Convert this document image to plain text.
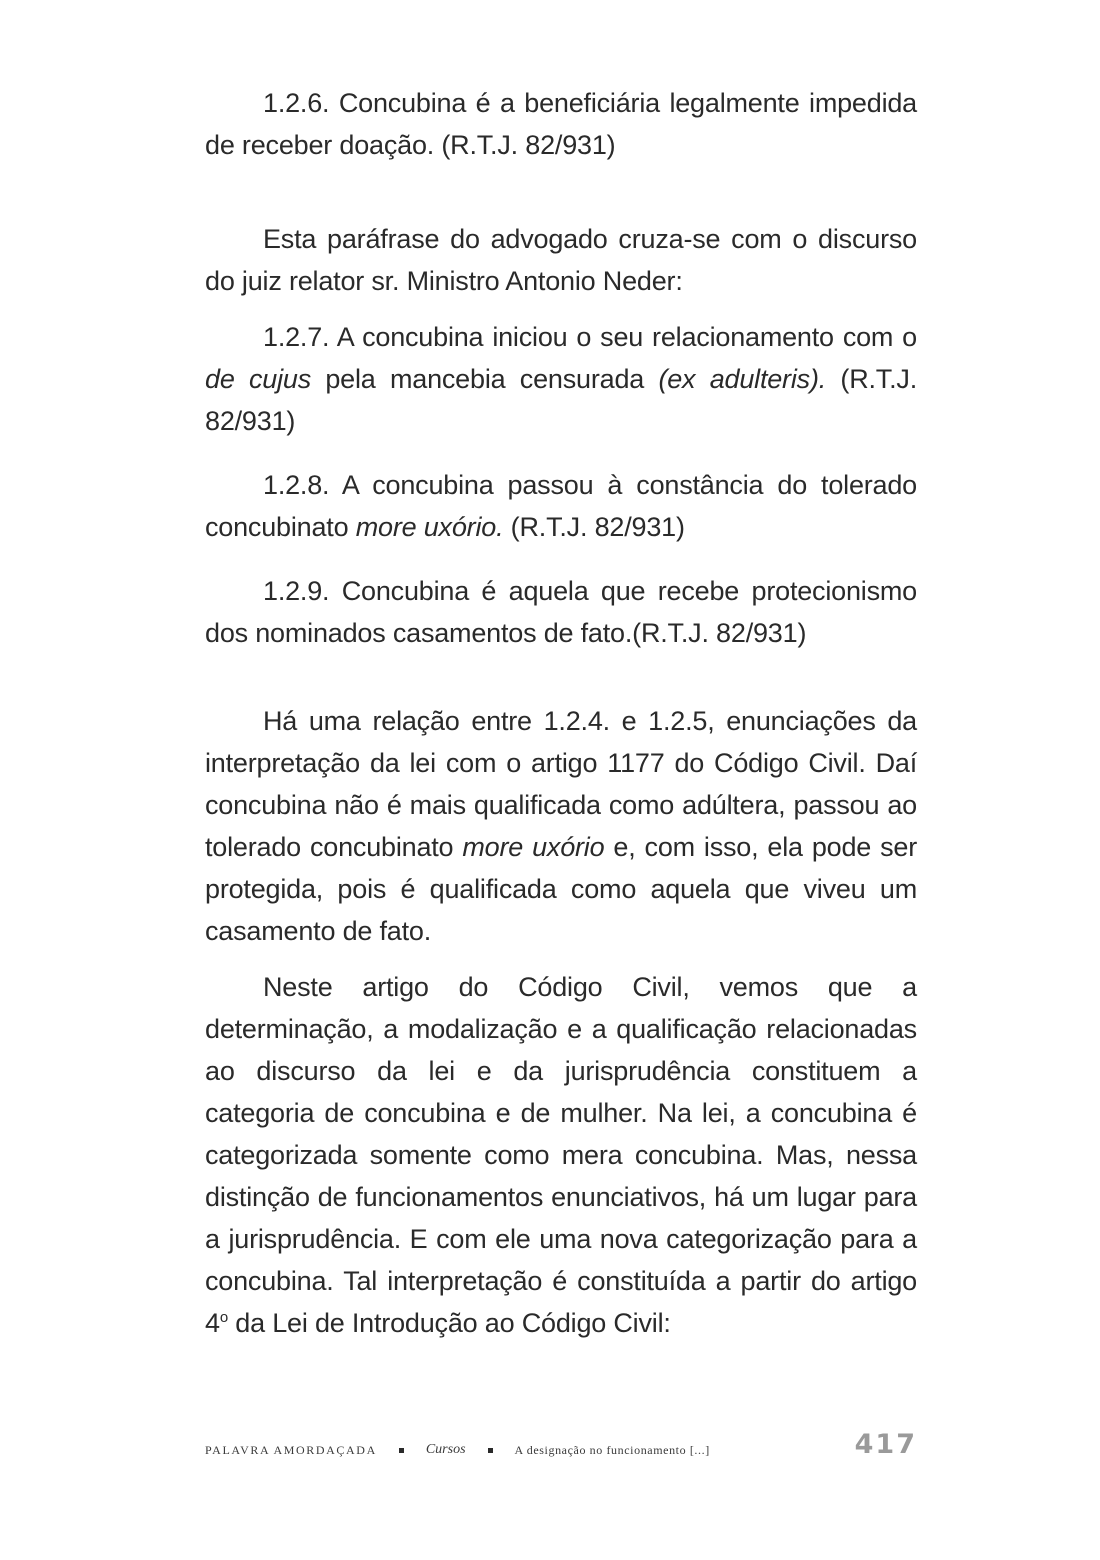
1.2.6. Concubina é a beneficiária legalmente impedida de receber doação. (R.T.J. 82/931)

Esta paráfrase do advogado cruza-se com o discurso do juiz relator sr. Ministro Antonio Neder:

1.2.7. A concubina iniciou o seu relacionamento com o de cujus pela mancebia censurada (ex adulteris). (R.T.J. 82/931)

1.2.8. A concubina passou à constância do tolerado concubinato more uxório. (R.T.J. 82/931)

1.2.9. Concubina é aquela que recebe protecionismo dos nominados casamentos de fato.(R.T.J. 82/931)

Há uma relação entre 1.2.4. e 1.2.5, enunciações da interpretação da lei com o artigo 1177 do Código Civil. Daí concubina não é mais qualificada como adúltera, passou ao tolerado concubinato more uxório e, com isso, ela pode ser protegida, pois é qualificada como aquela que viveu um casamento de fato.

Neste artigo do Código Civil, vemos que a determinação, a modalização e a qualificação relacionadas ao discurso da lei e da jurisprudência constituem a categoria de concubina e de mulher. Na lei, a concubina é categorizada somente como mera concubina. Mas, nessa distinção de funcionamentos enunciativos, há um lugar para a jurisprudência. E com ele uma nova categorização para a concubina. Tal interpretação é constituída a partir do artigo 4$^o$ da Lei de Introdução ao Código Civil:

PALAVRA AMORDAÇADA	Cursos	A designação no funcionamento [...]	417
